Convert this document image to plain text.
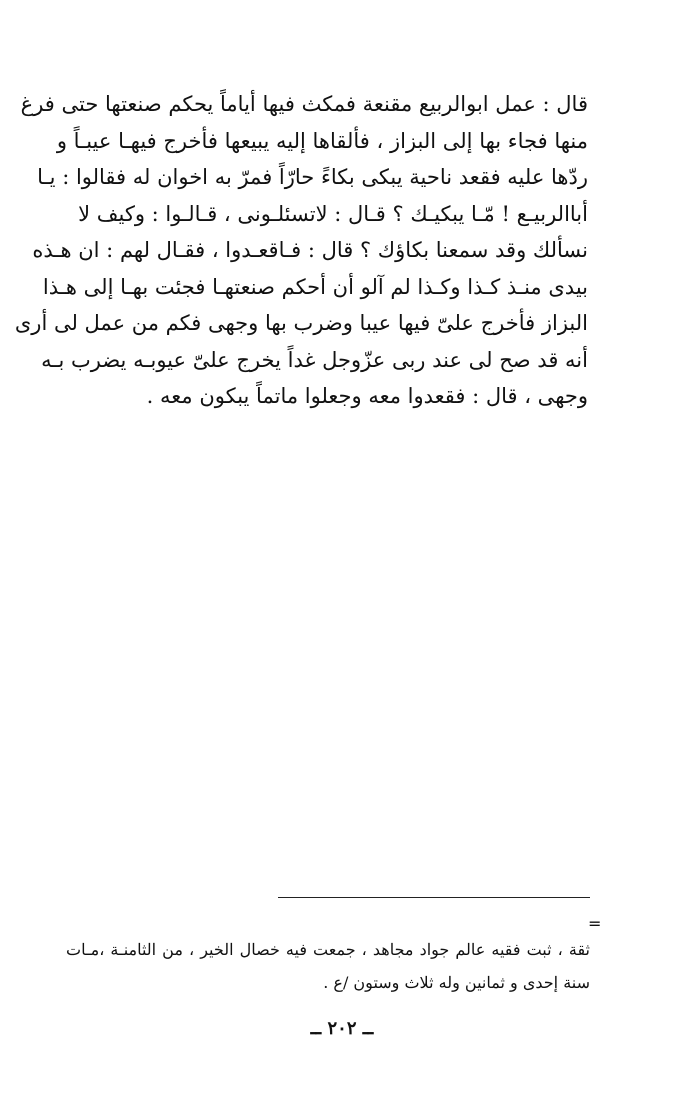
قال : عمل ابوالربيع مقنعة فمكث فيها أياماً يحكم صنعتها حتى فرغ
منها فجاء بها إلى البزاز ، فألقاها إليه يبيعها فأخرج فيهـا عيبـاً و
ردّها عليه فقعد ناحية يبكى بكاءً حارّاً فمرّ به اخوان له فقالوا : يـا
أباالربيـع ! مّـا يبكيـك ؟ قـال : لاتسئلـونى ، قـالـوا : وكيف لا
نسألك وقد سمعنا بكاؤك ؟ قال : فـاقعـدوا ، فقـال لهم : ان هـذه
بيدى منـذ كـذا وكـذا لم آلو أن أحكم صنعتهـا فجئت بهـا إلى هـذا
البزاز فأخرج علىّ فيها عيبا وضرب بها وجهى فكم من عمل لى أرى
أنه قد صح لى عند ربى عزّوجل غداً يخرج علىّ عيوبـه يضرب بـه
وجهى ، قال : فقعدوا معه وجعلوا ماتماً يبكون معه .
=
ثقة ، ثبت فقيه عالم جواد مجاهد ، جمعت فيه خصال الخير ، من الثامنـة ،مـات
سنة إحدى و ثمانين وله ثلاث وستون /ع .
ــ ٢٠٢ ــ
